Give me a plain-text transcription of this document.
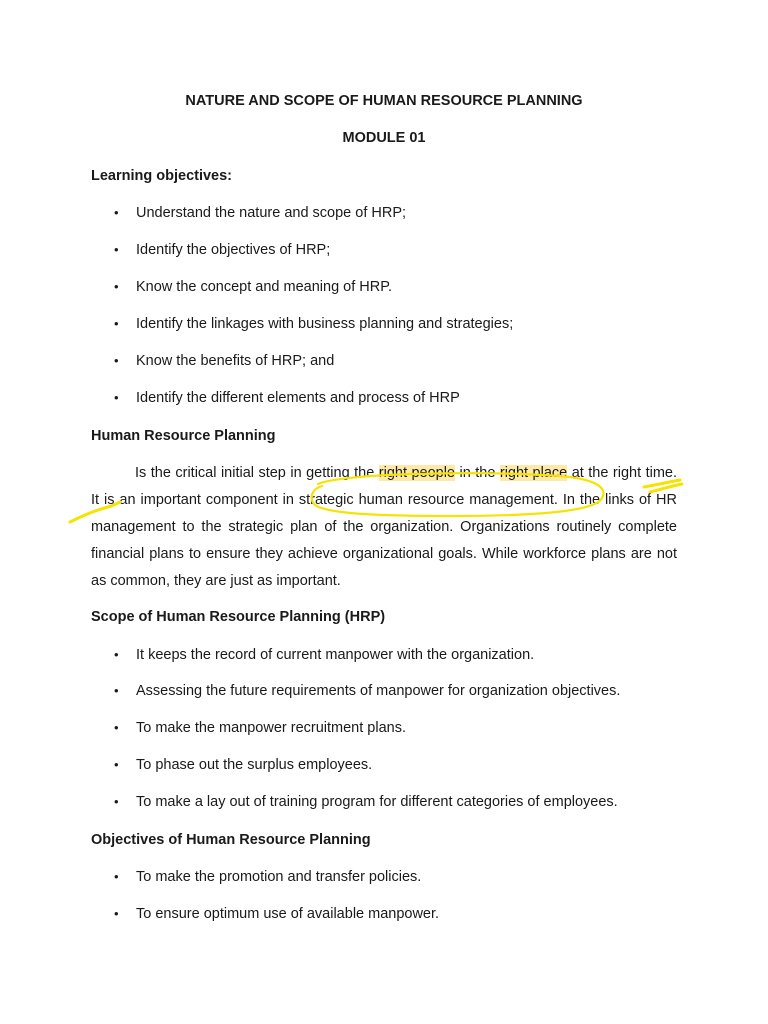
NATURE AND SCOPE OF HUMAN RESOURCE PLANNING
MODULE 01
Learning objectives:
• Understand the nature and scope of HRP;
• Identify the objectives of HRP;
• Know the concept and meaning of HRP.
• Identify the linkages with business planning and strategies;
• Know the benefits of HRP; and
• Identify the different elements and process of HRP
Human Resource Planning

Is the critical initial step in getting the right people in the right place at the right time. It is an important component in strategic human resource management. In the links of HR management to the strategic plan of the organization. Organizations routinely complete financial plans to ensure they achieve organizational goals. While workforce plans are not as common, they are just as important.

Scope of Human Resource Planning (HRP)
• It keeps the record of current manpower with the organization.
• Assessing the future requirements of manpower for organization objectives.
• To make the manpower recruitment plans.
• To phase out the surplus employees.
• To make a lay out of training program for different categories of employees.
Objectives of Human Resource Planning
• To make the promotion and transfer policies.
• To ensure optimum use of available manpower.
